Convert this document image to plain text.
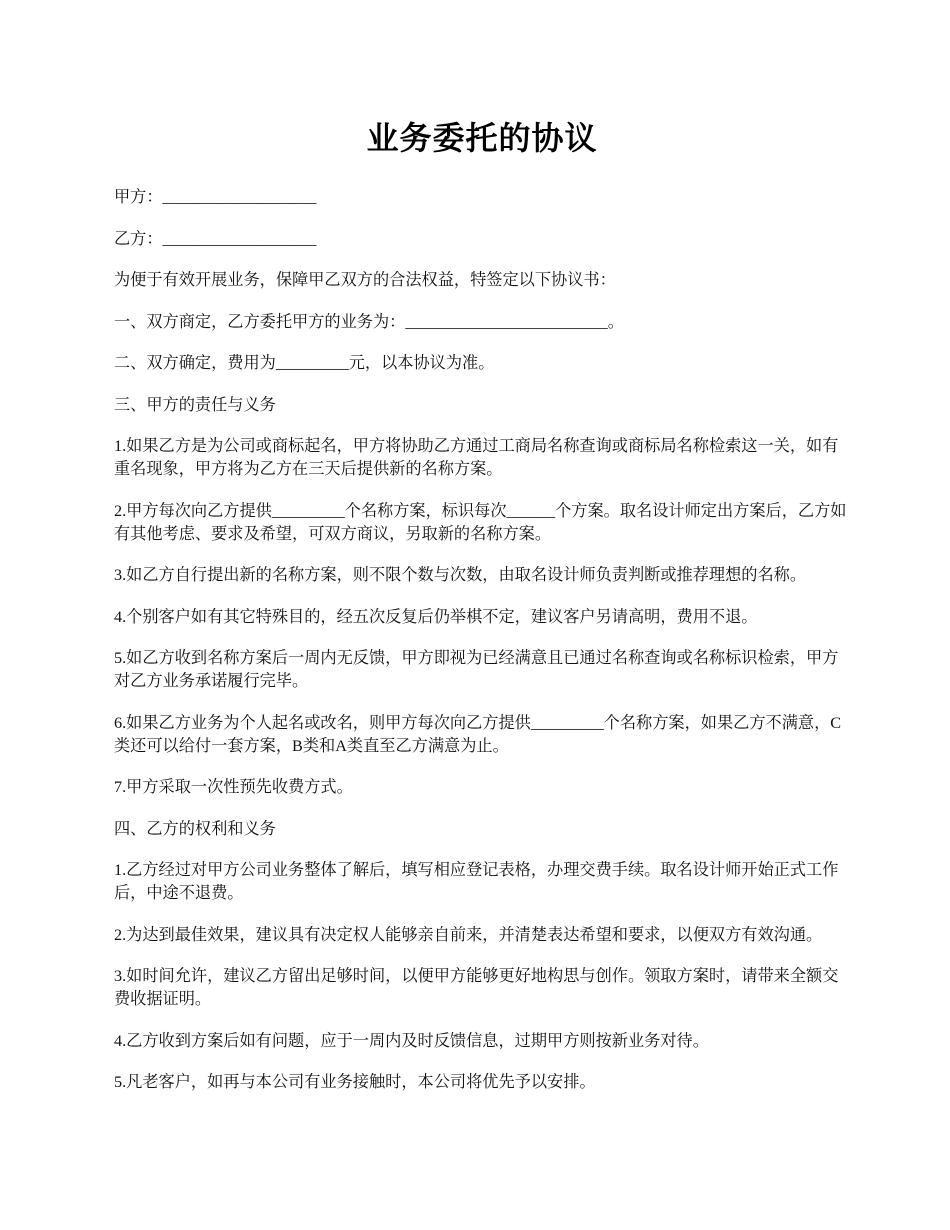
业务委托的协议

甲方：___________________

乙方：___________________

为便于有效开展业务，保障甲乙双方的合法权益，特签定以下协议书：

一、双方商定，乙方委托甲方的业务为：_________________________。

二、双方确定，费用为_________元，以本协议为准。

三、甲方的责任与义务

1.如果乙方是为公司或商标起名，甲方将协助乙方通过工商局名称查询或商标局名称检索这一关，如有重名现象，甲方将为乙方在三天后提供新的名称方案。

2.甲方每次向乙方提供_________个名称方案，标识每次______个方案。取名设计师定出方案后，乙方如有其他考虑、要求及希望，可双方商议，另取新的名称方案。

3.如乙方自行提出新的名称方案，则不限个数与次数，由取名设计师负责判断或推荐理想的名称。

4.个别客户如有其它特殊目的，经五次反复后仍举棋不定，建议客户另请高明，费用不退。

5.如乙方收到名称方案后一周内无反馈，甲方即视为已经满意且已通过名称查询或名称标识检索，甲方对乙方业务承诺履行完毕。

6.如果乙方业务为个人起名或改名，则甲方每次向乙方提供_________个名称方案，如果乙方不满意，C类还可以给付一套方案，B类和A类直至乙方满意为止。

7.甲方采取一次性预先收费方式。

四、乙方的权利和义务

1.乙方经过对甲方公司业务整体了解后，填写相应登记表格，办理交费手续。取名设计师开始正式工作后，中途不退费。

2.为达到最佳效果，建议具有决定权人能够亲自前来，并清楚表达希望和要求，以便双方有效沟通。

3.如时间允许，建议乙方留出足够时间，以便甲方能够更好地构思与创作。领取方案时，请带来全额交费收据证明。

4.乙方收到方案后如有问题，应于一周内及时反馈信息，过期甲方则按新业务对待。

5.凡老客户，如再与本公司有业务接触时，本公司将优先予以安排。
